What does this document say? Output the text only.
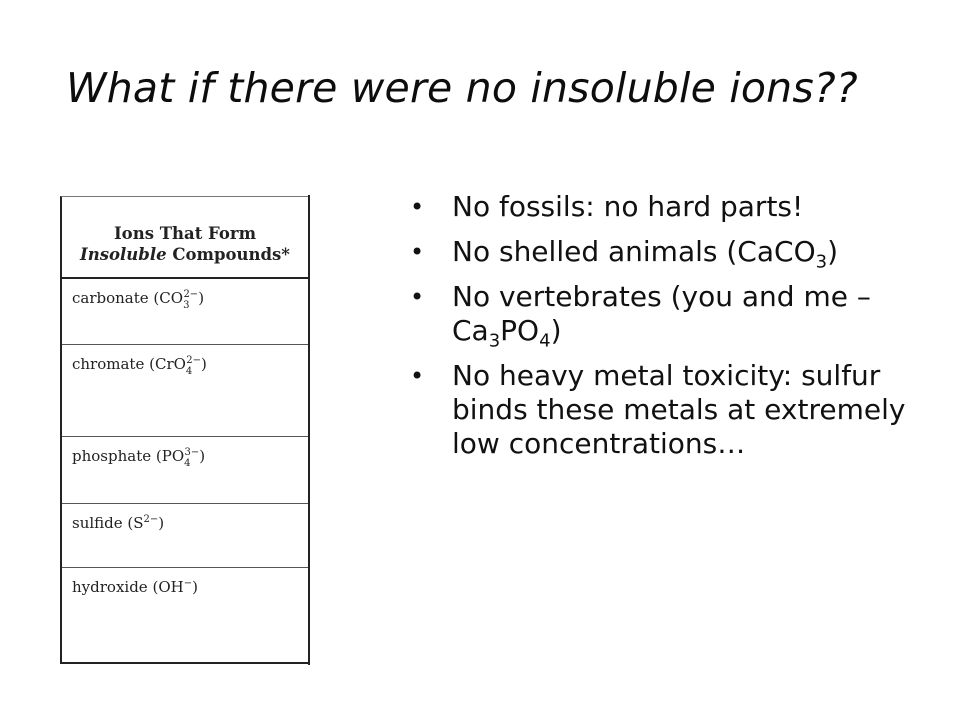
What if there were no insoluble ions??
Ions That Form
Insoluble Compounds*
carbonate $(CO_3^{2-})$
chromate (CrO$_4^{2-}$)
phosphate $(PO_4^{3-})$
sulfide $(S^{2-})$
hydroxide (OH−)
• No fossils: no hard parts!
• No shelled animals (CaCO$_3$)
• No vertebrates (you and me – $Ca_3PO_4$)
• No heavy metal toxicity: sulfur binds these metals at extremely low concentrations…
